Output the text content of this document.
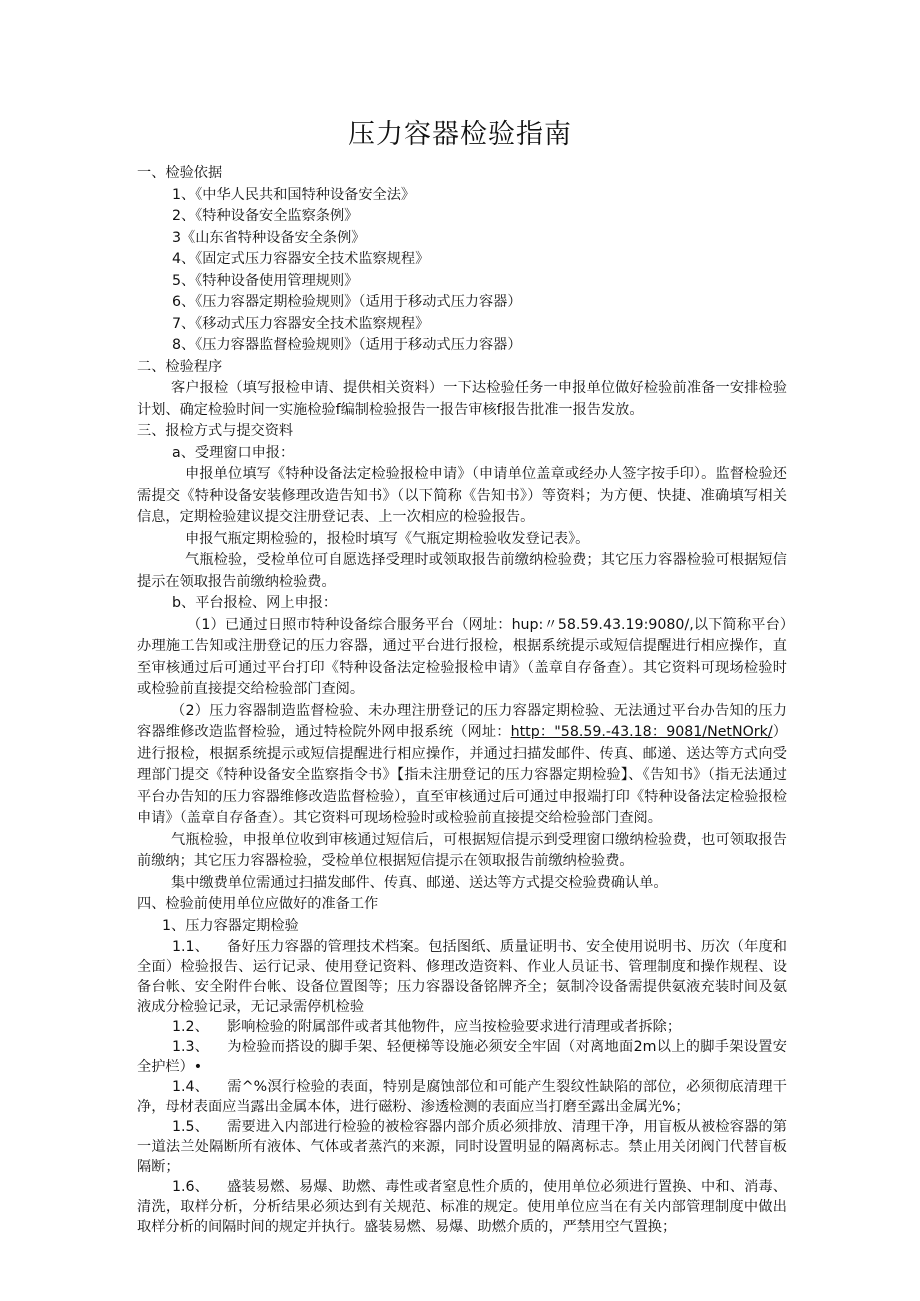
压力容器检验指南

一、检验依据

1、《中华人民共和国特种设备安全法》

2、《特种设备安全监察条例》

3《山东省特种设备安全条例》

4、《固定式压力容器安全技术监察规程》

5、《特种设备使用管理规则》

6、《压力容器定期检验规则》（适用于移动式压力容器）

7、《移动式压力容器安全技术监察规程》

8、《压力容器监督检验规则》（适用于移动式压力容器）

二、检验程序

客户报检（填写报检申请、提供相关资料）一下达检验任务一申报单位做好检验前准备一安排检验计划、确定检验时间一实施检验f编制检验报告一报告审核f报告批准一报告发放。

三、报检方式与提交资料

a、受理窗口申报：

申报单位填写《特种设备法定检验报检申请》（申请单位盖章或经办人签字按手印）。监督检验还需提交《特种设备安装修理改造告知书》（以下简称《告知书》）等资料；为方便、快捷、准确填写相关信息，定期检验建议提交注册登记表、上一次相应的检验报告。

申报气瓶定期检验的，报检时填写《气瓶定期检验收发登记表》。

气瓶检验，受检单位可自愿选择受理时或领取报告前缴纳检验费；其它压力容器检验可根据短信提示在领取报告前缴纳检验费。

b、平台报检、网上申报：

（1）已通过日照市特种设备综合服务平台（网址：hup:〃58.59.43.19:9080/,以下简称平台）办理施工告知或注册登记的压力容器，通过平台进行报检，根据系统提示或短信提醒进行相应操作，直至审核通过后可通过平台打印《特种设备法定检验报检申请》（盖章自存备查）。其它资料可现场检验时或检验前直接提交给检验部门查阅。

（2）压力容器制造监督检验、未办理注册登记的压力容器定期检验、无法通过平台办告知的压力容器维修改造监督检验，通过特检院外网申报系统（网址：http："58.59.-43.18：9081/NetNOrk/）进行报检，根据系统提示或短信提醒进行相应操作，并通过扫描发邮件、传真、邮递、送达等方式向受理部门提交《特种设备安全监察指令书》【指未注册登记的压力容器定期检验】、《告知书》（指无法通过平台办告知的压力容器维修改造监督检验），直至审核通过后可通过申报端打印《特种设备法定检验报检申请》（盖章自存备查）。其它资料可现场检验时或检验前直接提交给检验部门查阅。

气瓶检验，申报单位收到审核通过短信后，可根据短信提示到受理窗口缴纳检验费，也可领取报告前缴纳；其它压力容器检验，受检单位根据短信提示在领取报告前缴纳检验费。

集中缴费单位需通过扫描发邮件、传真、邮递、送达等方式提交检验费确认单。

四、检验前使用单位应做好的准备工作

1、压力容器定期检验

1.1、 备好压力容器的管理技术档案。包括图纸、质量证明书、安全使用说明书、历次（年度和全面）检验报告、运行记录、使用登记资料、修理改造资料、作业人员证书、管理制度和操作规程、设备台帐、安全附件台帐、设备位置图等；压力容器设备铭牌齐全；氨制冷设备需提供氨液充装时间及氨液成分检验记录，无记录需停机检验

1.2、 影响检验的附属部件或者其他物件，应当按检验要求进行清理或者拆除；

1.3、 为检验而搭设的脚手架、轻便梯等设施必须安全牢固（对离地面2m以上的脚手架设置安全护栏）•

1.4、 需^%溟行检验的表面，特别是腐蚀部位和可能产生裂纹性缺陷的部位，必须彻底清理干净，母材表面应当露出金属本体，进行磁粉、渗透检测的表面应当打磨至露出金属光%；

1.5、 需要进入内部进行检验的被检容器内部介质必须排放、清理干净，用盲板从被检容器的第一道法兰处隔断所有液体、气体或者蒸汽的来源，同时设置明显的隔离标志。禁止用关闭阀门代替盲板隔断；

1.6、 盛装易燃、易爆、助燃、毒性或者窒息性介质的，使用单位必须进行置换、中和、消毒、清洗，取样分析，分析结果必须达到有关规范、标准的规定。使用单位应当在有关内部管理制度中做出取样分析的间隔时间的规定并执行。盛装易燃、易爆、助燃介质的，严禁用空气置换；
